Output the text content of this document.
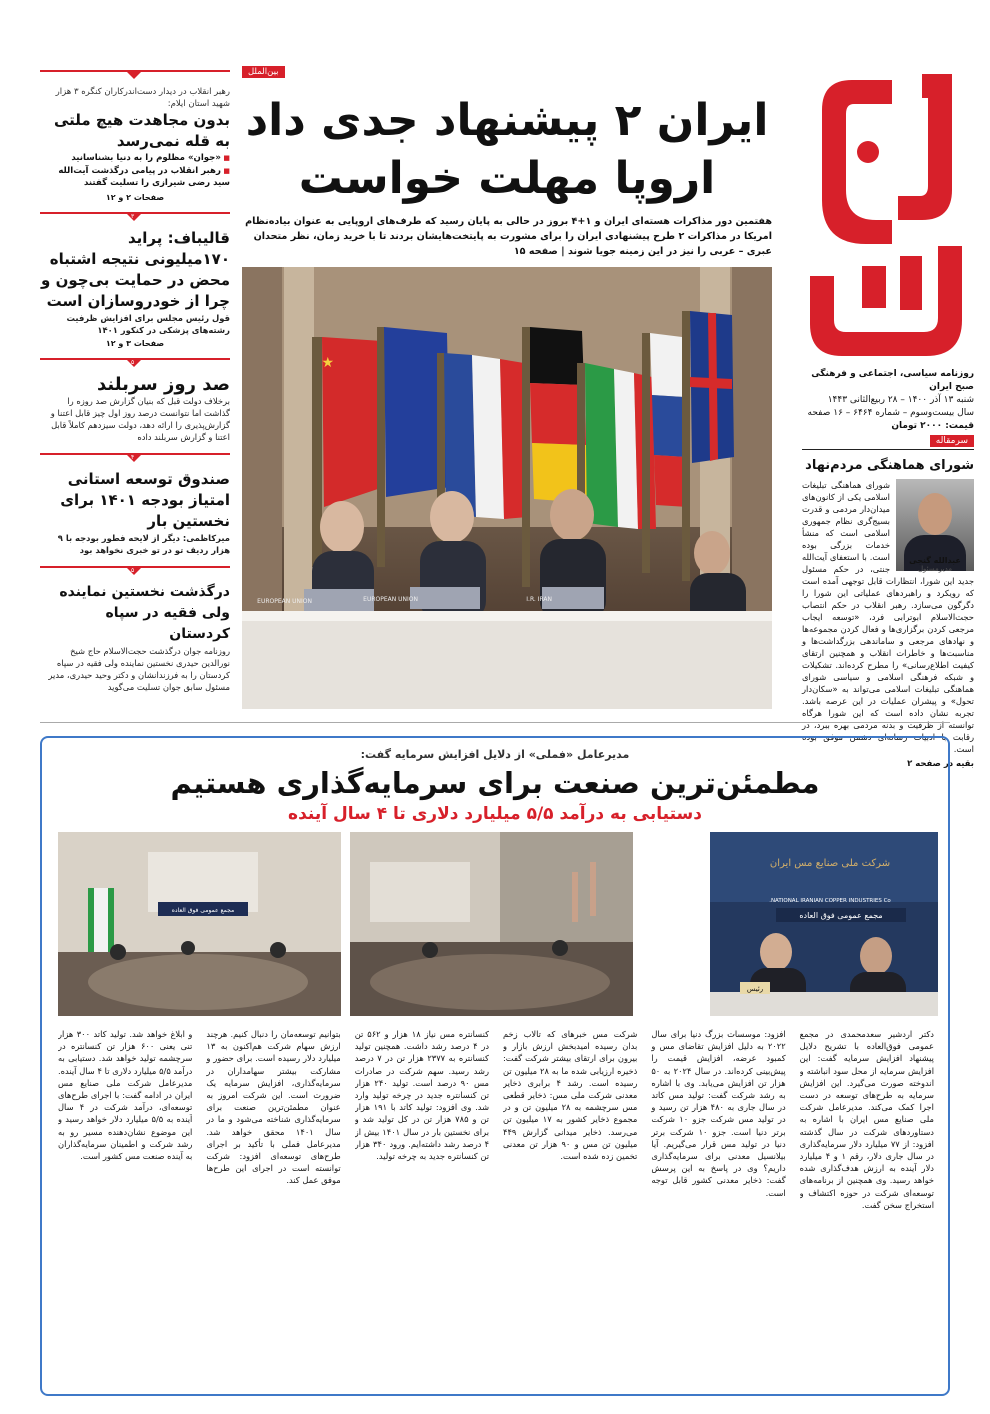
روزنامه سیاسی، اجتماعی و فرهنگی صبح ایران
شنبه ۱۳ آذر ۱۴۰۰ – ۲۸ ربیع‌الثانی ۱۴۴۳
سال بیست‌وسوم – شماره ۶۴۶۴ – ۱۶ صفحه
قیمت: ۲۰۰۰ تومان
سرمقاله
شورای هماهنگی مردم‌نهاد
شورای هماهنگی تبلیغات اسلامی یکی از کانون‌های میدان‌دار مردمی و قدرت بسیج‌گری نظام جمهوری اسلامی است که منشأ خدمات بزرگی بوده است. با استعفای آیت‌الله جنتی، در حکم مسئول جدید این شورا، انتظارات قابل توجهی آمده است که رویکرد و راهبردهای عملیاتی این شورا را دگرگون می‌سازد. رهبر انقلاب در حکم انتصاب حجت‌الاسلام ابوترابی فرد، «توسعه ایجاب مرجعی کردن برگزاری‌ها و فعال کردن مجموعه‌ها و نهادهای مرجعی و ساماندهی بزرگداشت‌ها و مناسبت‌ها و خاطرات انقلاب و همچنین ارتقای کیفیت اطلاع‌رسانی» را مطرح کرده‌اند. تشکیلات و شبکه فرهنگی اسلامی و سیاسی شورای هماهنگی تبلیغات اسلامی می‌تواند به «سکان‌دار تحول» و پیشران عملیات در این عرصه باشد. تجربه نشان داده است که این شورا هرگاه توانسته از ظرفیت و بدنه مردمی بهره ببرد، در رقابت با ادبیات رسانه‌ای دشمن موفق بوده است.
عبدالله گنجی
مدیرمسئول
بقیه در صفحه ۲
بین‌الملل
ایران ۲ پیشنهاد جدی داد
اروپا مهلت خواست
هفتمین دور مذاکرات هسته‌ای ایران و ۱+۴ بروز در حالی به پایان رسید که طرف‌های اروپایی به عنوان بیاده‌نظام امریکا در مذاکرات ۲ طرح پیشنهادی ایران را برای مشورت به پایتخت‌هایشان بردند تا با خرید زمان، نظر متحدان عبری – عربی را نیز در این زمینه جویا شوند | صفحه ۱۵
★
EUROPEAN UNION	EUROPEAN UNION	I.R. IRAN
رهبر انقلاب در دیدار دست‌اندرکاران کنگره ۳ هزار شهید استان ایلام:
بدون مجاهدت هیچ ملتی به قله نمی‌رسد
■ «جوان» مظلوم را به دنیا بشناسانید
■ رهبر انقلاب در پیامی درگذشت آیت‌الله سید رضی شیرازی را تسلیت گفتند
صفحات ۲ و ۱۲
۳
قالیباف: پراید ۱۷۰میلیونی نتیجه اشتباه محض در حمایت بی‌چون و چرا از خودروسازان است
قول رئیس مجلس برای افزایش ظرفیت رشته‌های پزشکی در کنکور ۱۴۰۱
صفحات ۳ و ۱۲
۵
صد روز سربلند
برخلاف دولت قبل که بنیان گزارش صد روزه را گذاشت اما نتوانست درصد روز اول چیز قابل اعتنا و گزارش‌پذیری را ارائه دهد، دولت سیزدهم کاملاً قابل اعتنا و گزارش سربلند داده
۴
صندوق توسعه استانی امتیاز بودجه ۱۴۰۱ برای نخستین بار
میرکاظمی: دیگر از لایحه فطور بودجه با ۹ هزار ردیف تو در تو خبری نخواهد بود
۵
درگذشت نخستین نماینده ولی فقیه در سپاه کردستان
روزنامه جوان درگذشت حجت‌الاسلام حاج شیخ نورالدین حیدری نخستین نماینده ولی فقیه در سپاه کردستان را به فرزندانشان و دکتر وحید حیدری، مدیر مسئول سابق جوان تسلیت می‌گوید
مدیرعامل «فملی» از دلایل افزایش سرمایه گفت:
مطمئن‌ترین صنعت برای سرمایه‌گذاری هستیم
دستیابی به درآمد ۵/۵ میلیارد دلاری تا ۴ سال آینده
مجمع عمومی فوق العاده
شرکت ملی صنایع مس ایران
NATIONAL IRANIAN COPPER INDUSTRIES Co.
مجمع عمومی فوق العاده
رئیس
دکتر اردشیر سعدمحمدی در مجمع عمومی فوق‌العاده با تشریح دلایل پیشنهاد افزایش سرمایه گفت: این افزایش سرمایه از محل سود انباشته و اندوخته صورت می‌گیرد. این افزایش سرمایه به طرح‌های توسعه در دست اجرا کمک می‌کند. مدیرعامل شرکت ملی صنایع مس ایران با اشاره به دستاوردهای شرکت در سال گذشته افزود: از ۷۷ میلیارد دلار سرمایه‌گذاری در سال جاری دلار، رقم ۱ و ۴ میلیارد دلار آینده به ارزش هدف‌گذاری شده خواهد رسید. وی همچنین از برنامه‌های توسعه‌ای شرکت در حوزه اکتشاف و استخراج سخن گفت.
افزود: موسسات بزرگ دنیا برای سال ۲۰۲۲ به دلیل افزایش تقاضای مس و کمبود عرضه، افزایش قیمت را پیش‌بینی کرده‌اند. در سال ۲۰۲۴ به ۵۰ هزار تن افزایش می‌یابد. وی با اشاره به رشد شرکت گفت: تولید مس کاتد در سال جاری به ۴۸۰ هزار تن رسید و در تولید مس شرکت جزو ۱۰ شرکت برتر دنیا است. جزو ۱۰ شرکت برتر دنیا در تولید مس قرار می‌گیریم. آیا بیلانسیل معدنی برای سرمایه‌گذاری داریم؟ وی در پاسخ به این پرسش گفت: ذخایر معدنی کشور قابل توجه است.
شرکت مس خبرهای که تالاب زخم بدان رسیده امیدبخش ارزش بازار و بیرون برای ارتقای بیشتر شرکت گفت: ذخیره ارزیابی شده ما به ۲۸ میلیون تن رسیده است. رشد ۴ برابری ذخایر معدنی شرکت ملی مس: ذخایر قطعی مس سرچشمه به ۲۸ میلیون تن و در مجموع ذخایر کشور به ۱۷ میلیون تن می‌رسد. ذخایر میدانی گزارش ۴۴۹ میلیون تن مس و ۹۰ هزار تن معدنی تخمین زده شده است.
کنسانتره مس نیاز ۱۸ هزار و ۵۶۲ تن در ۴ درصد رشد داشت. همچنین تولید کنسانتره به ۲۳۷۷ هزار تن در ۷ درصد رشد رسید. سهم شرکت در صادرات مس ۹۰ درصد است. تولید ۲۴۰ هزار تن کنسانتره جدید در چرخه تولید وارد شد. وی افزود: تولید کاتد با ۱۹۱ هزار تن و ۷۸۵ هزار تن در کل تولید شد و برای نخستین بار در سال ۱۴۰۱ بیش از ۴ درصد رشد داشته‌ایم. ورود ۳۴۰ هزار تن کنسانتره جدید به چرخه تولید.
بتوانیم توسعه‌مان را دنبال کنیم. هرچند ارزش سهام شرکت هم‌اکنون به ۱۳ میلیارد دلار رسیده است. برای حضور و مشارکت بیشتر سهامداران در سرمایه‌گذاری، افزایش سرمایه یک ضرورت است. این شرکت امروز به عنوان مطمئن‌ترین صنعت برای سرمایه‌گذاری شناخته می‌شود و ما در سال ۱۴۰۱ محقق خواهد شد. مدیرعامل فملی با تأکید بر اجرای طرح‌های توسعه‌ای افزود: شرکت توانسته است در اجرای این طرح‌ها موفق عمل کند.
و ابلاغ خواهد شد. تولید کاتد ۳۰۰ هزار تنی یعنی ۶۰۰ هزار تن کنسانتره در سرچشمه تولید خواهد شد. دستیابی به درآمد ۵/۵ میلیارد دلاری تا ۴ سال آینده. مدیرعامل شرکت ملی صنایع مس ایران در ادامه گفت: با اجرای طرح‌های توسعه‌ای، درآمد شرکت در ۴ سال آینده به ۵/۵ میلیارد دلار خواهد رسید و این موضوع نشان‌دهنده مسیر رو به رشد شرکت و اطمینان سرمایه‌گذاران به آینده صنعت مس کشور است.
